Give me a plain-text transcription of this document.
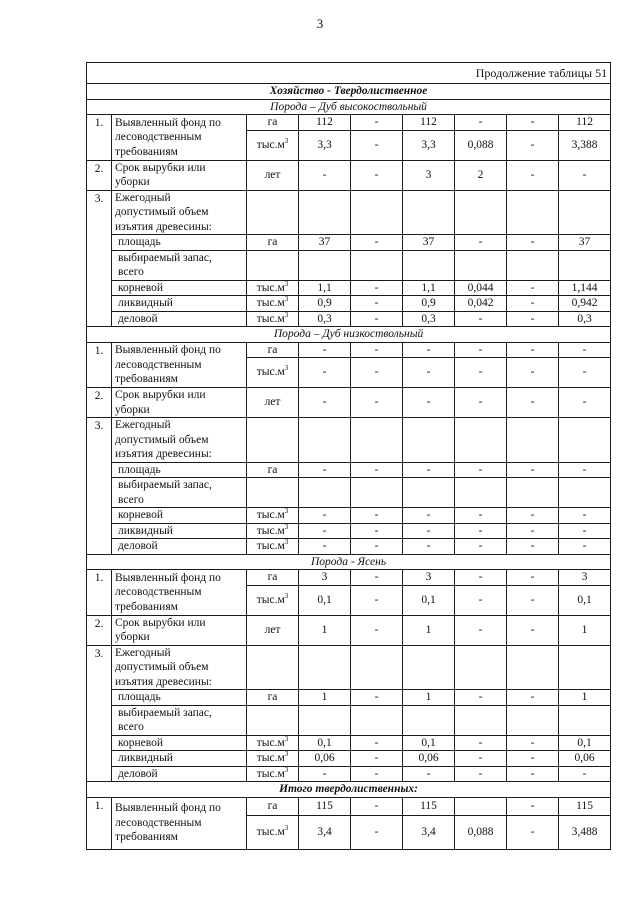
3
Продолжение таблицы 51								
Хозяйство - Твердолиственное								
Порода – Дуб высокоствольный								
1.	Выявленный фонд по
лесоводственным
требованиям	га	112	-	112	-	-	112
		$тыс.м^3$	3,3	-	3,3	0,088	-	3,388
2.	Срок вырубки или
уборки	лет	-	-	3	2	-	-
3.	Ежегодный
допустимый объем
изъятия древесины:							

	площадь	га	37	-	37	-	-	37

	выбираемый запас,
всего							

	корневой	$тыс.м^3$	1,1	-	1,1	0,044	-	1,144
	ликвидный	$тыс.м^3$	0,9	-	0,9	0,042	-	0,942
	деловой	$тыс.м^3$	0,3	-	0,3	-	-	0,3
Порода – Дуб низкоствольный								
1.	Выявленный фонд по
лесоводственным
требованиям	га	-	-	-	-	-	-
		$тыс.м^3$	-	-	-	-	-	-
2.	Срок вырубки или
уборки	лет	-	-	-	-	-	-
3.	Ежегодный
допустимый объем
изъятия древесины:							

	площадь	га	-	-	-	-	-	-

	выбираемый запас,
всего							

	корневой	$тыс.м^3$	-	-	-	-	-	-
	ликвидный	$тыс.м^3$	-	-	-	-	-	-
	деловой	$тыс.м^3$	-	-	-	-	-	-
Порода - Ясень								
1.	Выявленный фонд по
лесоводственным
требованиям	га	3	-	3	-	-	3
		$тыс.м^3$	0,1	-	0,1	-	-	0,1
2.	Срок вырубки или
уборки	лет	1	-	1	-	-	1
3.	Ежегодный
допустимый объем
изъятия древесины:							

	площадь	га	1	-	1	-	-	1

	выбираемый запас,
всего							

	корневой	$тыс.м^3$	0,1	-	0,1	-	-	0,1
	ликвидный	$тыс.м^3$	0,06	-	0,06	-	-	0,06
	деловой	$тыс.м^3$	-	-	-	-	-	-
Итого твердолиственных:								
1.	Выявленный фонд по
лесоводственным
требованиям	га	115	-	115		-	115
		$тыс.м^3$	3,4	-	3,4	0,088	-	3,488
